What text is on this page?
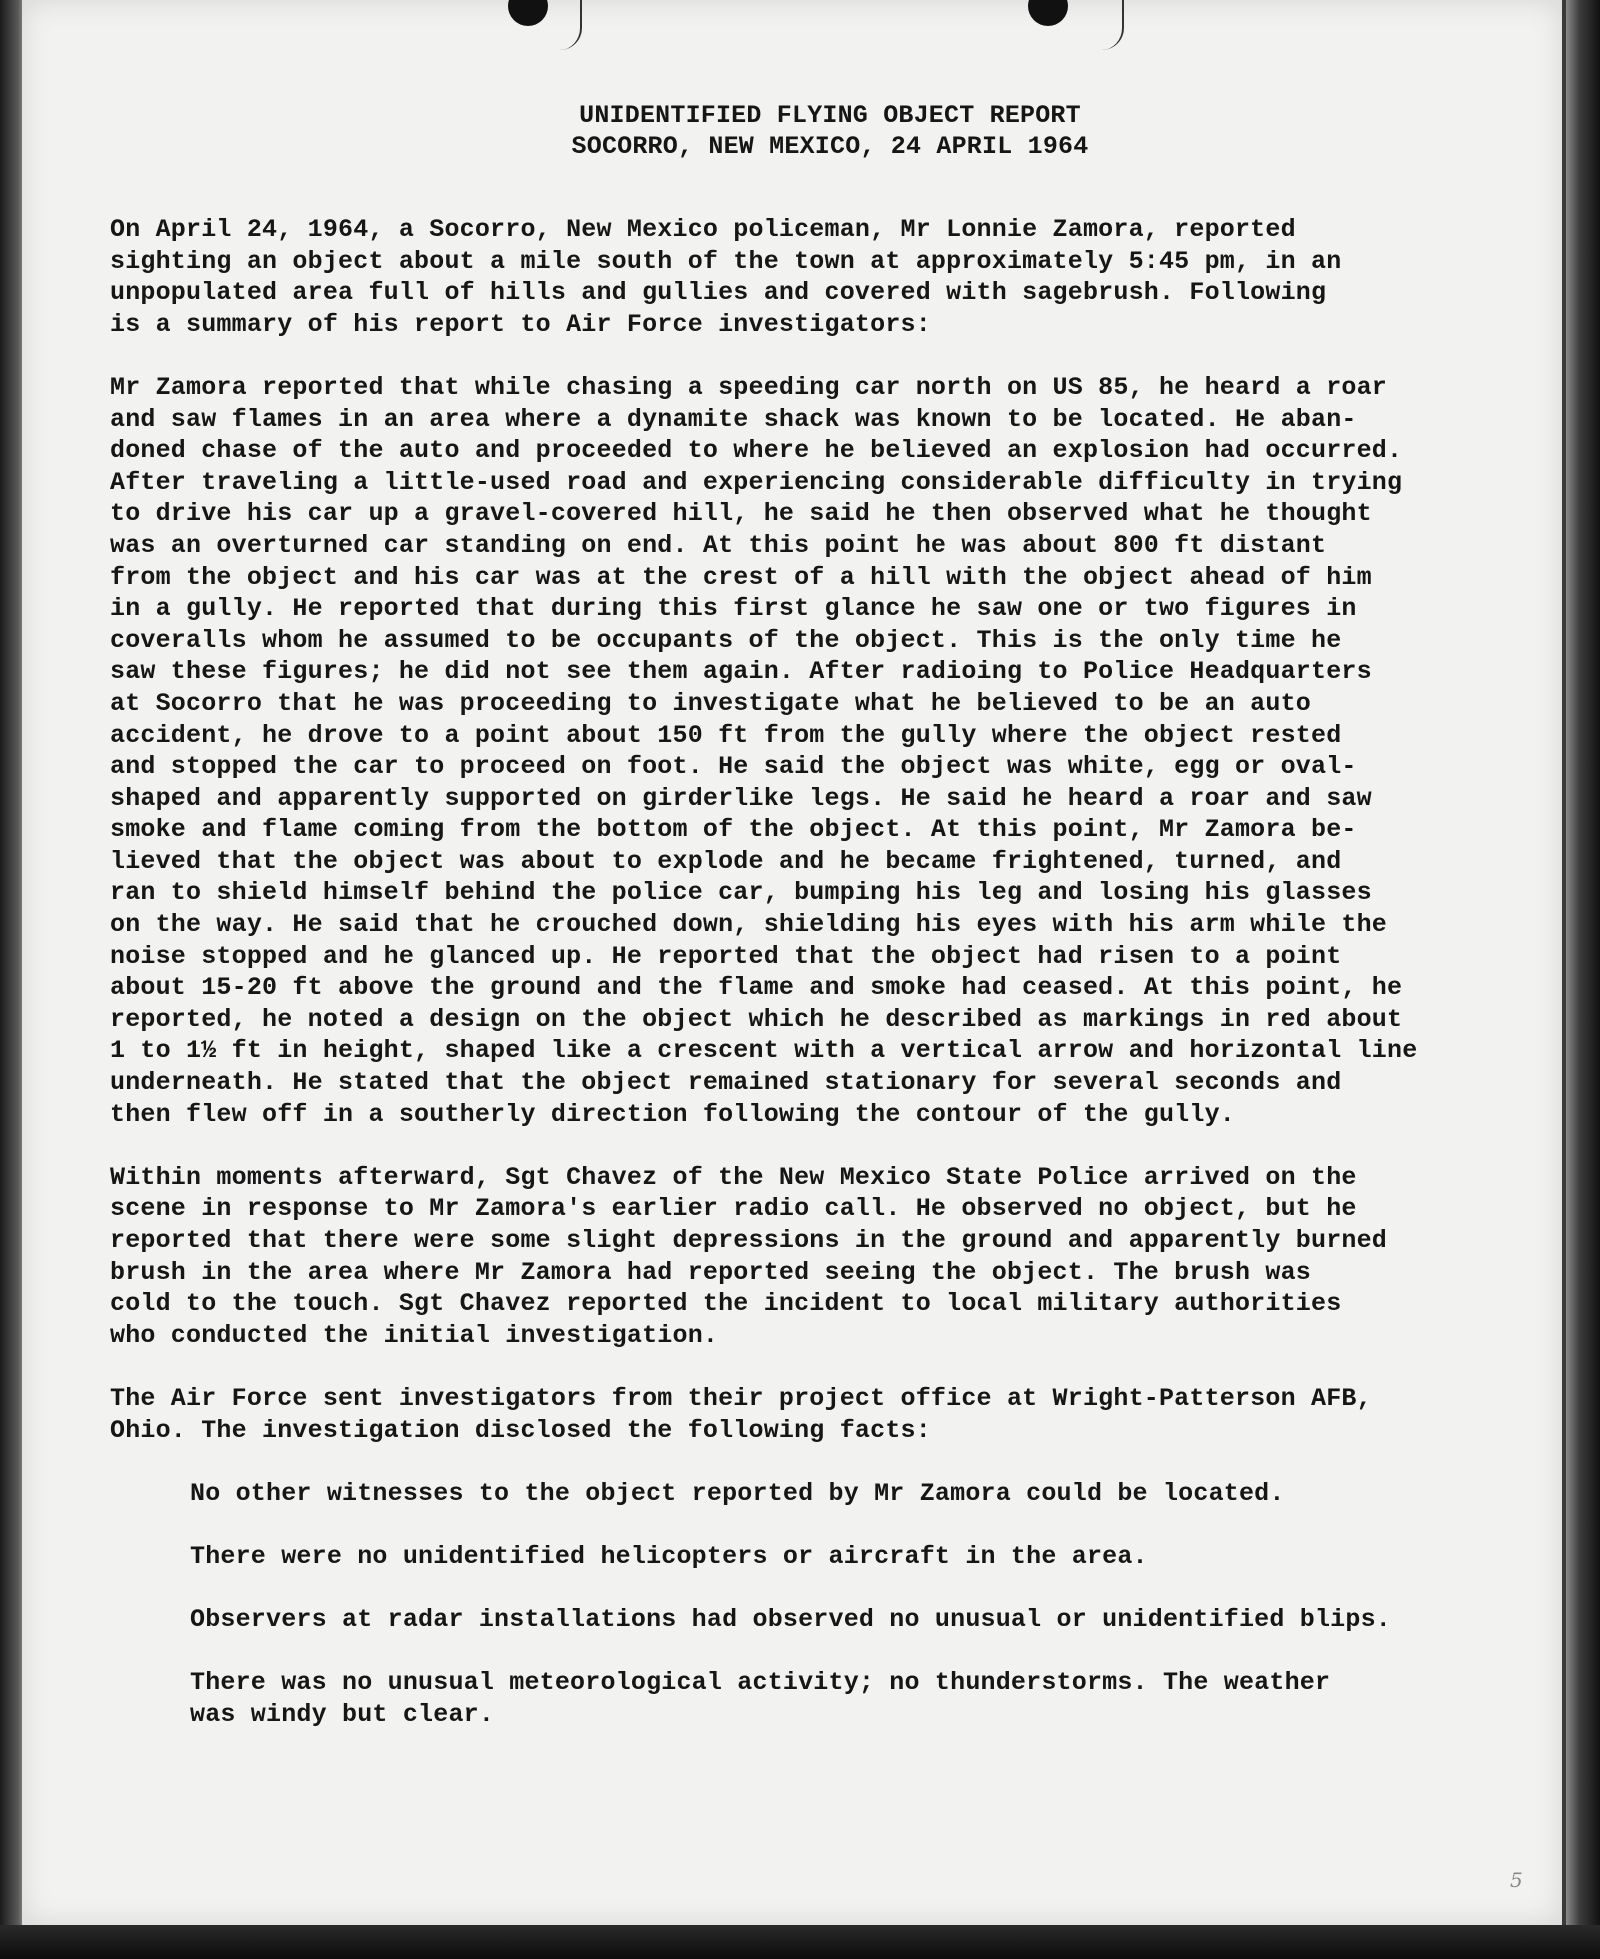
UNIDENTIFIED FLYING OBJECT REPORT
SOCORRO, NEW MEXICO, 24 APRIL 1964
On April 24, 1964, a Socorro, New Mexico policeman, Mr Lonnie Zamora, reported
sighting an object about a mile south of the town at approximately 5:45 pm, in an
unpopulated area full of hills and gullies and covered with sagebrush. Following
is a summary of his report to Air Force investigators:
Mr Zamora reported that while chasing a speeding car north on US 85, he heard a roar
and saw flames in an area where a dynamite shack was known to be located. He aban-
doned chase of the auto and proceeded to where he believed an explosion had occurred.
After traveling a little-used road and experiencing considerable difficulty in trying
to drive his car up a gravel-covered hill, he said he then observed what he thought
was an overturned car standing on end. At this point he was about 800 ft distant
from the object and his car was at the crest of a hill with the object ahead of him
in a gully. He reported that during this first glance he saw one or two figures in
coveralls whom he assumed to be occupants of the object. This is the only time he
saw these figures; he did not see them again. After radioing to Police Headquarters
at Socorro that he was proceeding to investigate what he believed to be an auto
accident, he drove to a point about 150 ft from the gully where the object rested
and stopped the car to proceed on foot. He said the object was white, egg or oval-
shaped and apparently supported on girderlike legs. He said he heard a roar and saw
smoke and flame coming from the bottom of the object. At this point, Mr Zamora be-
lieved that the object was about to explode and he became frightened, turned, and
ran to shield himself behind the police car, bumping his leg and losing his glasses
on the way. He said that he crouched down, shielding his eyes with his arm while the
noise stopped and he glanced up. He reported that the object had risen to a point
about 15-20 ft above the ground and the flame and smoke had ceased. At this point, he
reported, he noted a design on the object which he described as markings in red about
1 to 1½ ft in height, shaped like a crescent with a vertical arrow and horizontal line
underneath. He stated that the object remained stationary for several seconds and
then flew off in a southerly direction following the contour of the gully.
Within moments afterward, Sgt Chavez of the New Mexico State Police arrived on the
scene in response to Mr Zamora's earlier radio call. He observed no object, but he
reported that there were some slight depressions in the ground and apparently burned
brush in the area where Mr Zamora had reported seeing the object. The brush was
cold to the touch. Sgt Chavez reported the incident to local military authorities
who conducted the initial investigation.
The Air Force sent investigators from their project office at Wright-Patterson AFB,
Ohio. The investigation disclosed the following facts:
No other witnesses to the object reported by Mr Zamora could be located.
There were no unidentified helicopters or aircraft in the area.
Observers at radar installations had observed no unusual or unidentified blips.
There was no unusual meteorological activity; no thunderstorms. The weather
was windy but clear.
5
